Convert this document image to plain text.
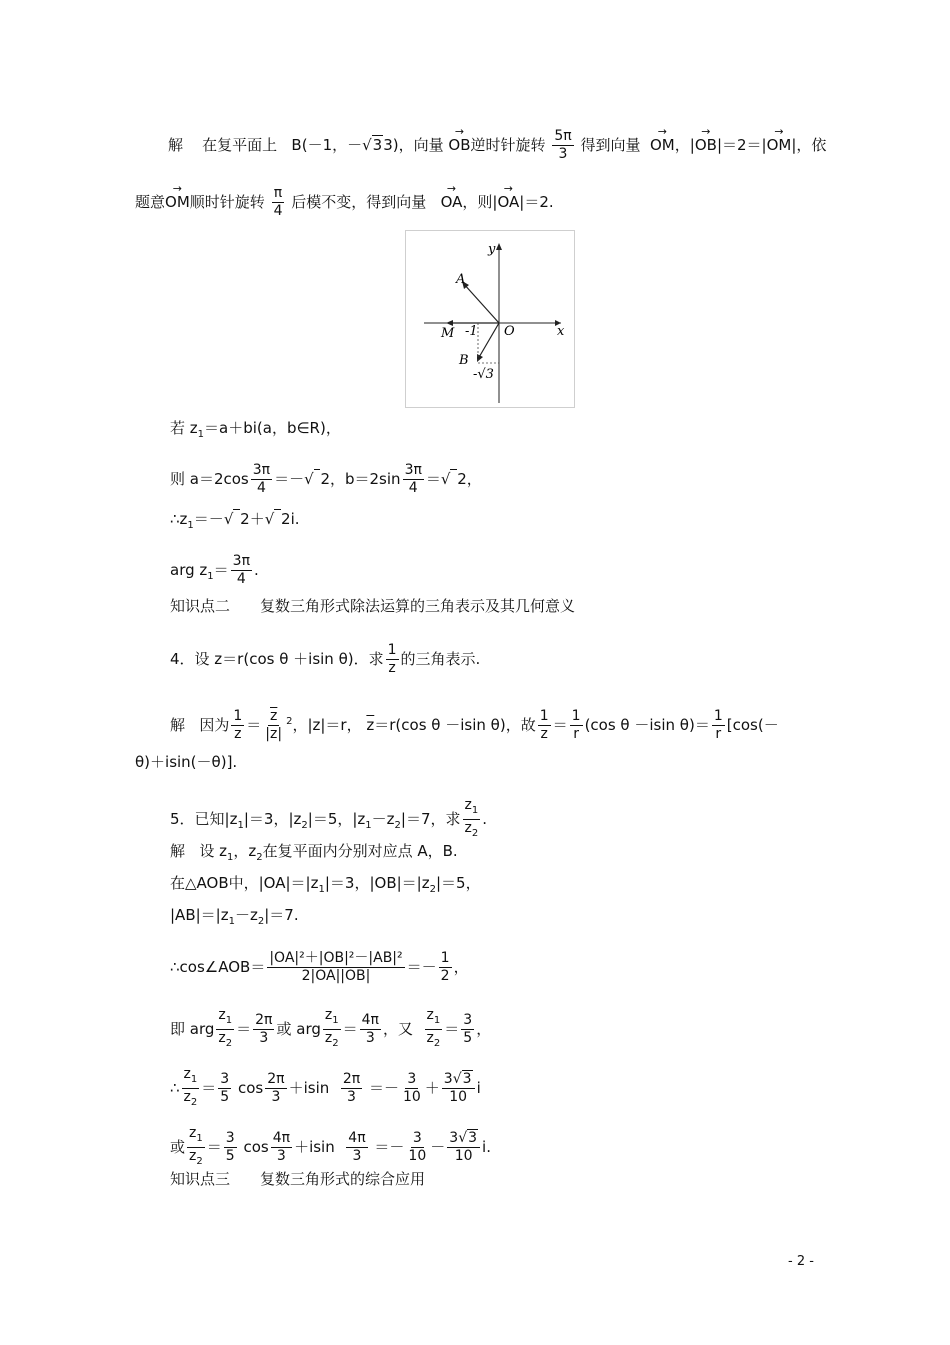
解 在复平面上 B(－1，－√33)，向量 → OB逆时针旋转 $\frac{5\pi}{3}$ 得到向量 → OM，|→ OB|＝2＝|→ OM|，依
题意→ OM顺时针旋转 $\frac{\pi}{4}$ 后模不变，得到向量 → OA，则|→ OA|＝2.
x
y
O
A
B
M -1
-√3
若 $z_1=a+bi(a$，b∈R)，
则 $a=2\cos \frac{3\pi}{4}$ ＝－√ 2，$b=2\sin \frac{3\pi}{4}$ ＝√ 2，
$\therefore z_1=-√$ 2＋√ 2i.
arg $z_1= \frac{3\pi}{4}$ .
知识点二　　复数三角形式除法运算的三角表示及其几何意义
4．设 z＝r(cos θ ＋isin θ)．求 $\frac{1}{z}$ 的三角表示.
解 因为 $\frac{1}{z} = \frac{\overline{z}}{|z|} ^2$，|z|＝r， $\overline{z}=r(\cos$ θ －isin θ)，故 $\frac{1}{z} = \frac{1}{r} (\cos$ θ －isin $\theta)= \frac{1}{r} [\cos(-$
θ)＋isin(－θ)].
5．已知$|z_1|=3$，$|z_2|=5$，$|z_1-z_2|=7$，求 $\frac{z_1}{z_2}$ .
解 设 $z_1$，$z_2$在复平面内分别对应点 A，B.
在△AOB中，$|OA|=|z_1|=3$，$|OB|=|z_2|=5$，
$|AB|=|z_1-z_2|=7$.
∴cos∠AOB＝ $\frac{\text{|OA|²＋|OB|²－|AB|²}}{2|OA||OB|} =- \frac{1}{2}$ ，
即 arg $\frac{z_1}{z_2} = \frac{2\pi}{3}$ 或 arg $\frac{z_1}{z_2} = \frac{4\pi}{3}$ ，又 $\frac{z_1}{z_2} = \frac{3}{5}$ ，
∴ $\frac{z_1}{z_2} = \frac{3}{5}$ $\cos \frac{2\pi}{3} +isin \frac{2\pi}{3} =- \frac{3}{10} + \frac{3√3}{10}$ i
或 $\frac{z_1}{z_2} = \frac{3}{5}$ $\cos \frac{4\pi}{3} +isin \frac{4\pi}{3} =- \frac{3}{10} - \frac{3√3}{10} i$.
知识点三　　复数三角形式的综合应用
- 2 -
